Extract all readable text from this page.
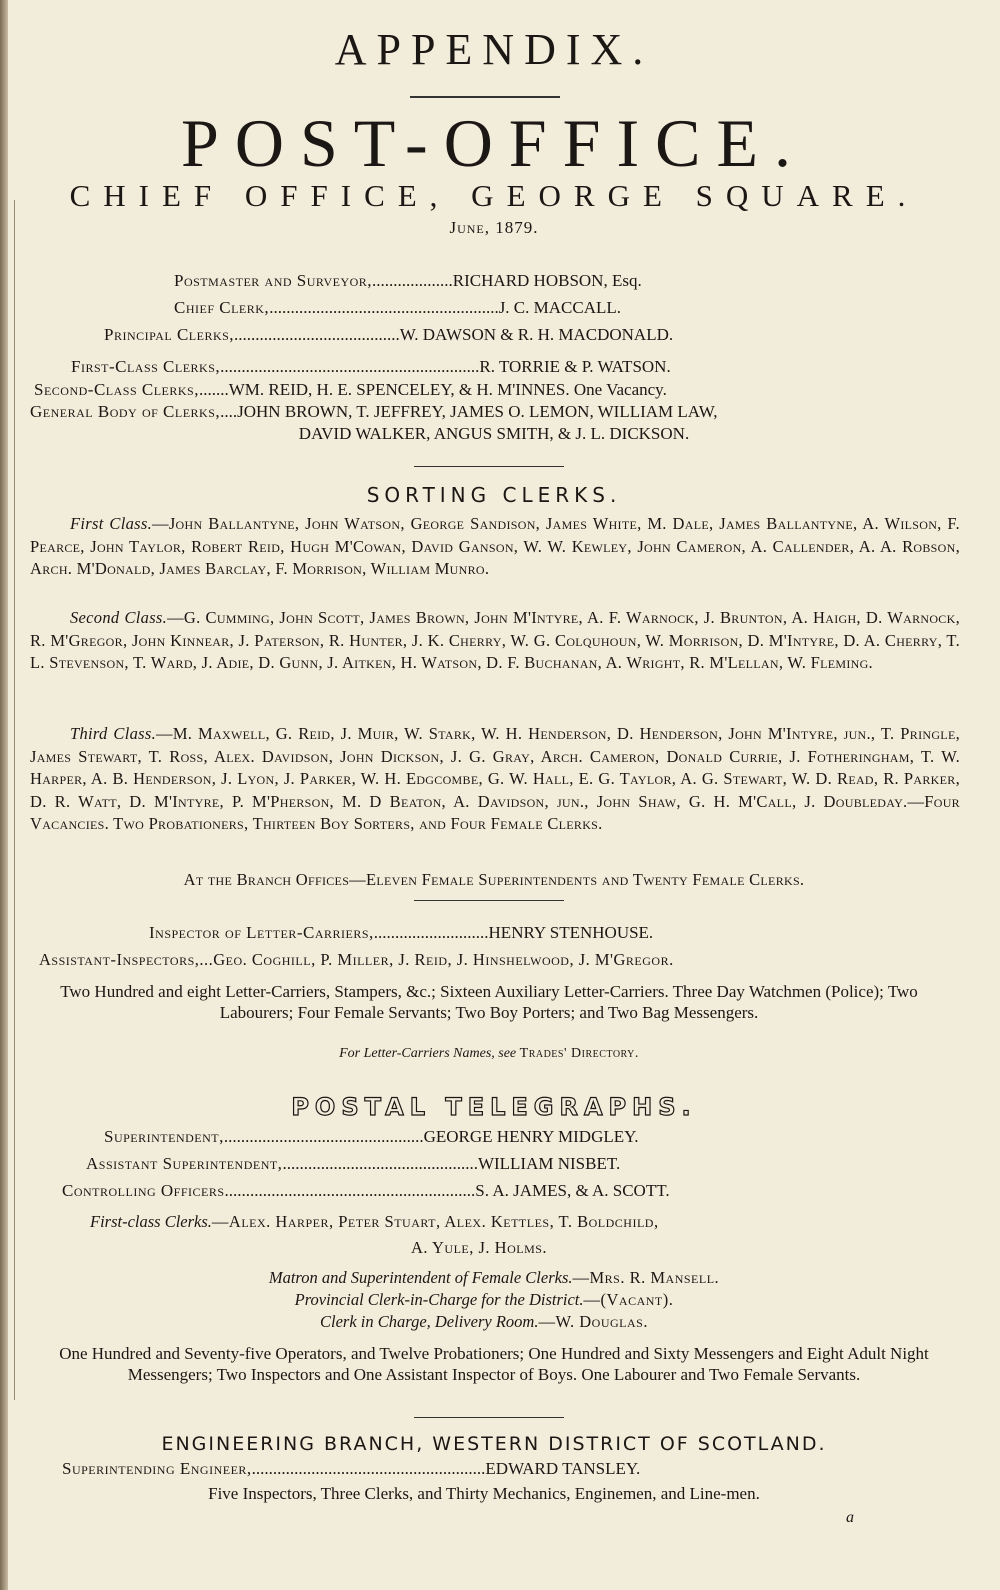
APPENDIX.
POST-OFFICE.
CHIEF OFFICE, GEORGE SQUARE.
June, 1879.
Postmaster and Surveyor,...................RICHARD HOBSON, Esq.
Chief Clerk,......................................................J. C. MACCALL.
Principal Clerks,.......................................W. DAWSON & R. H. MACDONALD.
First-Class Clerks,.............................................................R. TORRIE & P. WATSON.
Second-Class Clerks,.......WM. REID, H. E. SPENCELEY, & H. M'INNES. One Vacancy.
General Body of Clerks,....JOHN BROWN, T. JEFFREY, JAMES O. LEMON, WILLIAM LAW,
DAVID WALKER, ANGUS SMITH, & J. L. DICKSON.
SORTING CLERKS.
First Class.—John Ballantyne, John Watson, George Sandison, James White, M. Dale, James Ballantyne, A. Wilson, F. Pearce, John Taylor, Robert Reid, Hugh M'Cowan, David Ganson, W. W. Kewley, John Cameron, A. Callender, A. A. Robson, Arch. M'Donald, James Barclay, F. Morrison, William Munro.
Second Class.—G. Cumming, John Scott, James Brown, John M'Intyre, A. F. Warnock, J. Brunton, A. Haigh, D. Warnock, R. M'Gregor, John Kinnear, J. Paterson, R. Hunter, J. K. Cherry, W. G. Colquhoun, W. Morrison, D. M'Intyre, D. A. Cherry, T. L. Stevenson, T. Ward, J. Adie, D. Gunn, J. Aitken, H. Watson, D. F. Buchanan, A. Wright, R. M'Lellan, W. Fleming.
Third Class.—M. Maxwell, G. Reid, J. Muir, W. Stark, W. H. Henderson, D. Henderson, John M'Intyre, jun., T. Pringle, James Stewart, T. Ross, Alex. Davidson, John Dickson, J. G. Gray, Arch. Cameron, Donald Currie, J. Fotheringham, T. W. Harper, A. B. Henderson, J. Lyon, J. Parker, W. H. Edgcombe, G. W. Hall, E. G. Taylor, A. G. Stewart, W. D. Read, R. Parker, D. R. Watt, D. M'Intyre, P. M'Pherson, M. D Beaton, A. Davidson, jun., John Shaw, G. H. M'Call, J. Doubleday.—Four Vacancies. Two Probationers, Thirteen Boy Sorters, and Four Female Clerks.
At the Branch Offices—Eleven Female Superintendents and Twenty Female Clerks.
Inspector of Letter-Carriers,...........................HENRY STENHOUSE.
Assistant-Inspectors,...Geo. Coghill, P. Miller, J. Reid, J. Hinshelwood, J. M'Gregor.
Two Hundred and eight Letter-Carriers, Stampers, &c.; Sixteen Auxiliary Letter-Carriers. Three Day Watchmen (Police); Two Labourers; Four Female Servants; Two Boy Porters; and Two Bag Messengers.
For Letter-Carriers Names, see Trades' Directory.
POSTAL TELEGRAPHS.
Superintendent,...............................................GEORGE HENRY MIDGLEY.
Assistant Superintendent,..............................................WILLIAM NISBET.
Controlling Officers...........................................................S. A. JAMES, & A. SCOTT.
First-class Clerks.—Alex. Harper, Peter Stuart, Alex. Kettles, T. Boldchild,
A. Yule, J. Holms.
Matron and Superintendent of Female Clerks.—Mrs. R. Mansell.
Provincial Clerk-in-Charge for the District.—(Vacant).
Clerk in Charge, Delivery Room.—W. Douglas.
One Hundred and Seventy-five Operators, and Twelve Probationers; One Hundred and Sixty Messengers and Eight Adult Night Messengers; Two Inspectors and One Assistant Inspector of Boys. One Labourer and Two Female Servants.
ENGINEERING BRANCH, WESTERN DISTRICT OF SCOTLAND.
Superintending Engineer,.......................................................EDWARD TANSLEY.
Five Inspectors, Three Clerks, and Thirty Mechanics, Enginemen, and Line-men.
a
